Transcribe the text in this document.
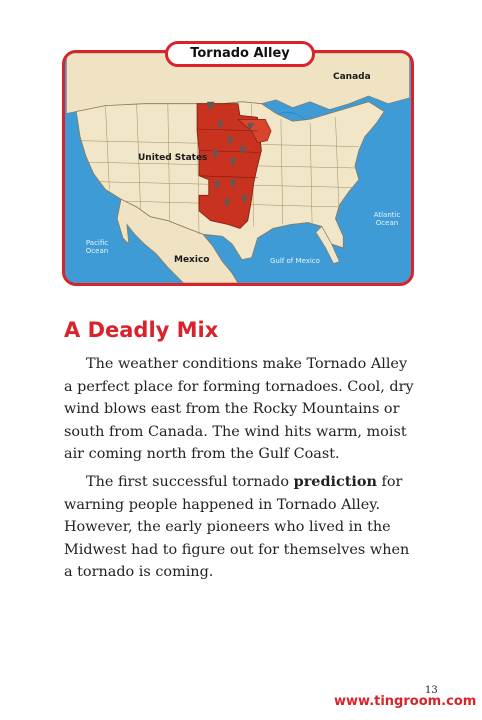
Tornado Alley
Canada
United States
Mexico
Pacific Ocean
Atlantic Ocean
Gulf of Mexico
A Deadly Mix

The weather conditions make Tornado Alley a perfect place for forming tornadoes. Cool, dry wind blows east from the Rocky Mountains or south from Canada. The wind hits warm, moist air coming north from the Gulf Coast.

The first successful tornado prediction for warning people happened in Tornado Alley. However, the early pioneers who lived in the Midwest had to figure out for themselves when a tornado is coming.

13
www.tingroom.com
